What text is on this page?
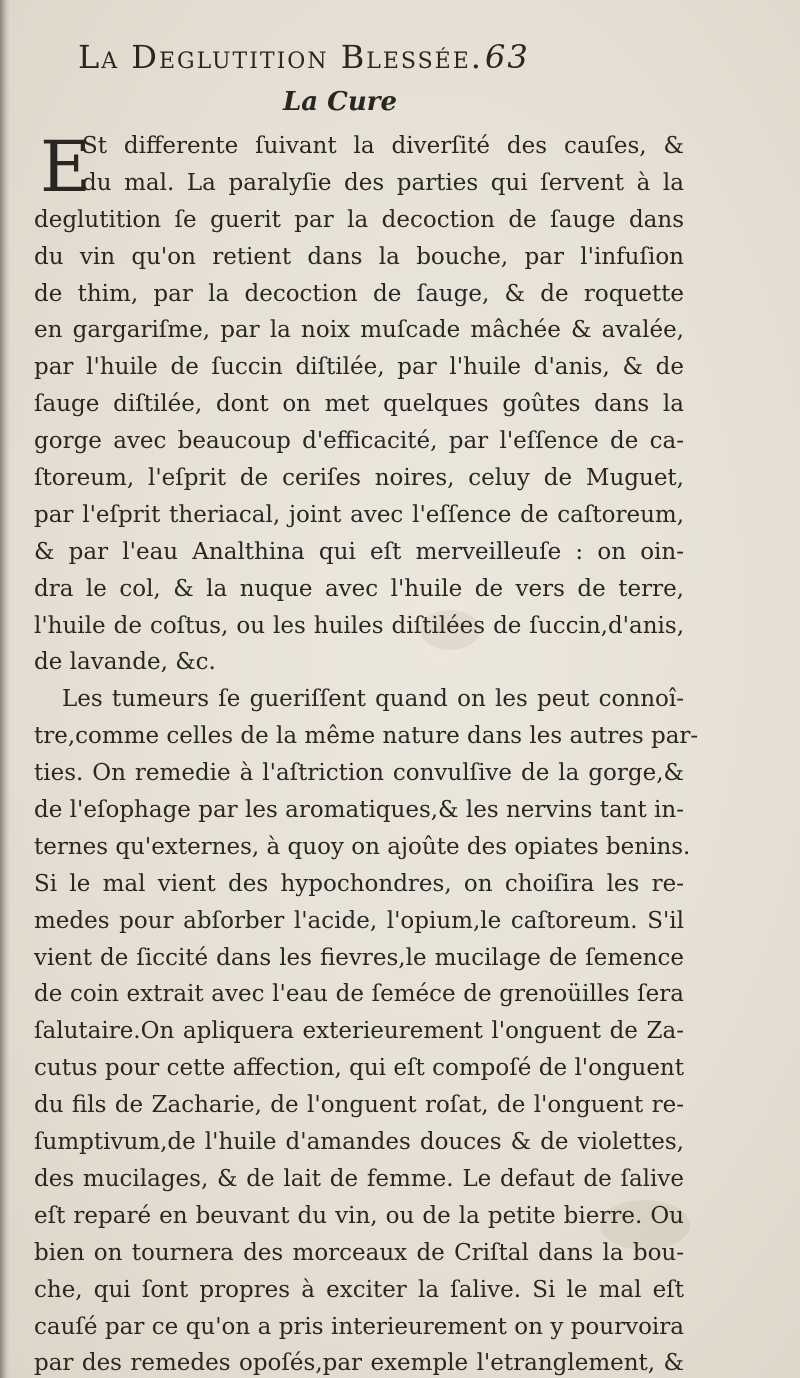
La Deglutition Blessée.63
La Cure
E
St differente ſuivant la diverſité des cauſes, &
du mal. La paralyſie des parties qui ſervent à la
deglutition ſe guerit par la decoction de ſauge dans
du vin qu'on retient dans la bouche, par l'infuſion
de thim, par la decoction de ſauge, & de roquette
en gargariſme, par la noix muſcade mâchée & avalée,
par l'huile de ſuccin diſtilée, par l'huile d'anis, & de
ſauge diſtilée, dont on met quelques goûtes dans la
gorge avec beaucoup d'efficacité, par l'eſſence de ca-
ſtoreum, l'eſprit de ceriſes noires, celuy de Muguet,
par l'eſprit theriacal, joint avec l'eſſence de caſtoreum,
& par l'eau Analthina qui eſt merveilleuſe : on oin-
dra le col, & la nuque avec l'huile de vers de terre,
l'huile de coſtus, ou les huiles diſtilées de ſuccin,d'anis,
de lavande, &c.
Les tumeurs ſe gueriſſent quand on les peut connoî-
tre,comme celles de la même nature dans les autres par-
ties. On remedie à l'aſtriction convulſive de la gorge,&
de l'eſophage par les aromatiques,& les nervins tant in-
ternes qu'externes, à quoy on ajoûte des opiates benins.
Si le mal vient des hypochondres, on choiſira les re-
medes pour abſorber l'acide, l'opium,le caſtoreum. S'il
vient de ſiccité dans les fievres,le mucilage de ſemence
de coin extrait avec l'eau de ſeméce de grenoüilles ſera
ſalutaire.On apliquera exterieurement l'onguent de Za-
cutus pour cette affection, qui eſt compoſé de l'onguent
du fils de Zacharie, de l'onguent roſat, de l'onguent re-
ſumptivum,de l'huile d'amandes douces & de violettes,
des mucilages, & de lait de femme. Le defaut de ſalive
eſt reparé en beuvant du vin, ou de la petite bierre. Ou
bien on tournera des morceaux de Criſtal dans la bou-
che, qui ſont propres à exciter la ſalive. Si le mal eſt
cauſé par ce qu'on a pris interieurement on y pourvoira
par des remedes opoſés,par exemple l'etranglement, &
